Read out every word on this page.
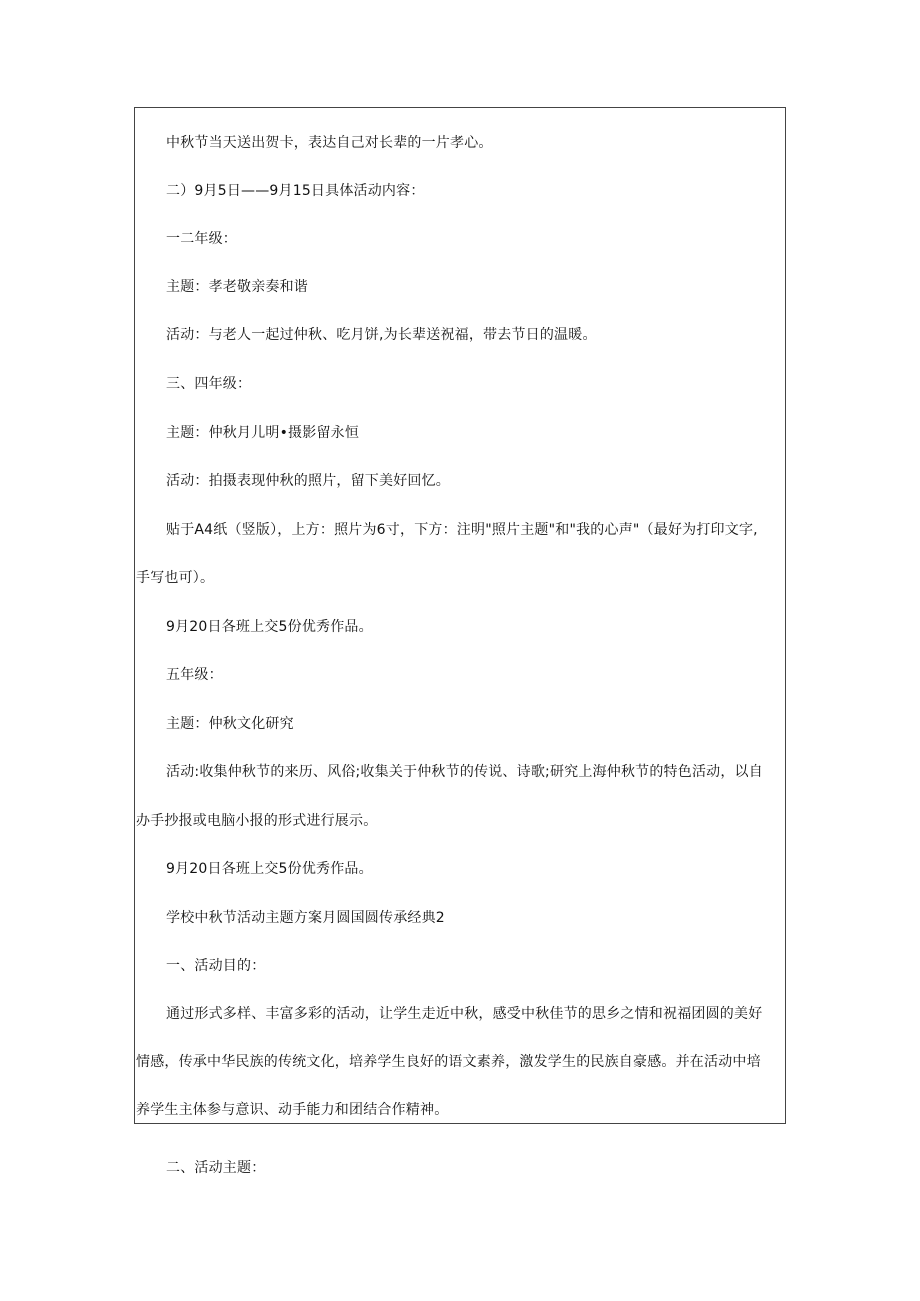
中秋节当天送出贺卡，表达自己对长辈的一片孝心。
二）9月5日——9月15日具体活动内容：
一二年级：
主题：孝老敬亲奏和谐
活动：与老人一起过仲秋、吃月饼,为长辈送祝福，带去节日的温暖。
三、四年级：
主题：仲秋月儿明•摄影留永恒
活动：拍摄表现仲秋的照片，留下美好回忆。
贴于A4纸（竖版），上方：照片为6寸，下方：注明"照片主题"和"我的心声"（最好为打印文字,
手写也可）。
9月20日各班上交5份优秀作品。
五年级：
主题：仲秋文化研究
活动:收集仲秋节的来历、风俗;收集关于仲秋节的传说、诗歌;研究上海仲秋节的特色活动，以自
办手抄报或电脑小报的形式进行展示。
9月20日各班上交5份优秀作品。
学校中秋节活动主题方案月圆国圆传承经典2
一、活动目的：
通过形式多样、丰富多彩的活动，让学生走近中秋，感受中秋佳节的思乡之情和祝福团圆的美好
情感，传承中华民族的传统文化，培养学生良好的语文素养，激发学生的民族自豪感。并在活动中培
养学生主体参与意识、动手能力和团结合作精神。
二、活动主题：
